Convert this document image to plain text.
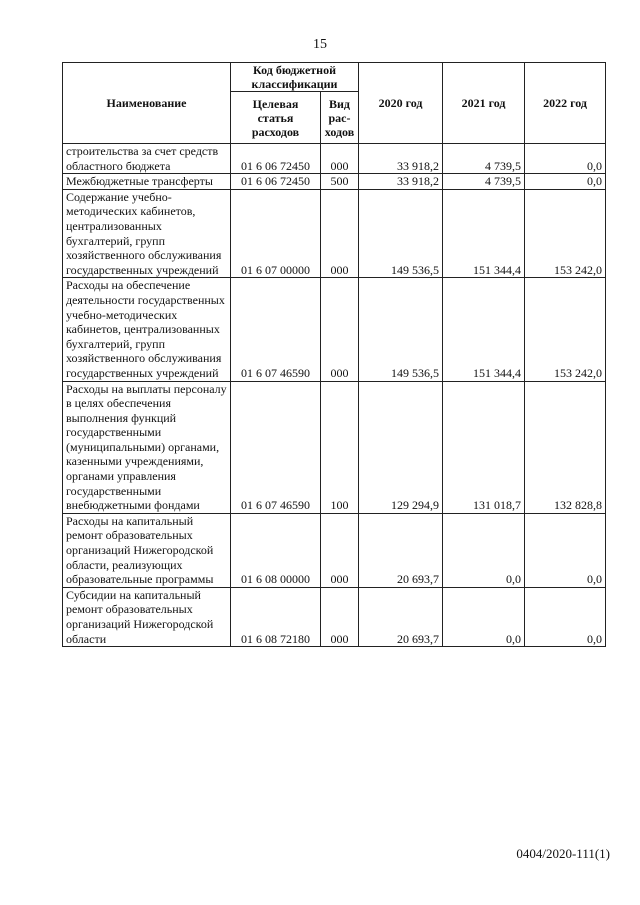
15
Наименование	Код бюджетной классификации		2020 год	2021 год	2022 год
	Целевая статья расходов	Вид рас-ходов			
строительства за счет средств областного бюджета	01 6 06 72450	000	33 918,2	4 739,5	0,0
Межбюджетные трансферты	01 6 06 72450	500	33 918,2	4 739,5	0,0
Содержание учебно-методических кабинетов, централизованных бухгалтерий, групп хозяйственного обслуживания государственных учреждений	01 6 07 00000	000	149 536,5	151 344,4	153 242,0
Расходы на обеспечение деятельности государственных учебно-методических кабинетов, централизованных бухгалтерий, групп хозяйственного обслуживания государственных учреждений	01 6 07 46590	000	149 536,5	151 344,4	153 242,0
Расходы на выплаты персоналу в целях обеспечения выполнения функций государственными (муниципальными) органами, казенными учреждениями, органами управления государственными внебюджетными фондами	01 6 07 46590	100	129 294,9	131 018,7	132 828,8
Расходы на капитальный ремонт образовательных организаций Нижегородской области, реализующих образовательные программы	01 6 08 00000	000	20 693,7	0,0	0,0
Субсидии на капитальный ремонт образовательных организаций Нижегородской области	01 6 08 72180	000	20 693,7	0,0	0,0
0404/2020-111(1)
